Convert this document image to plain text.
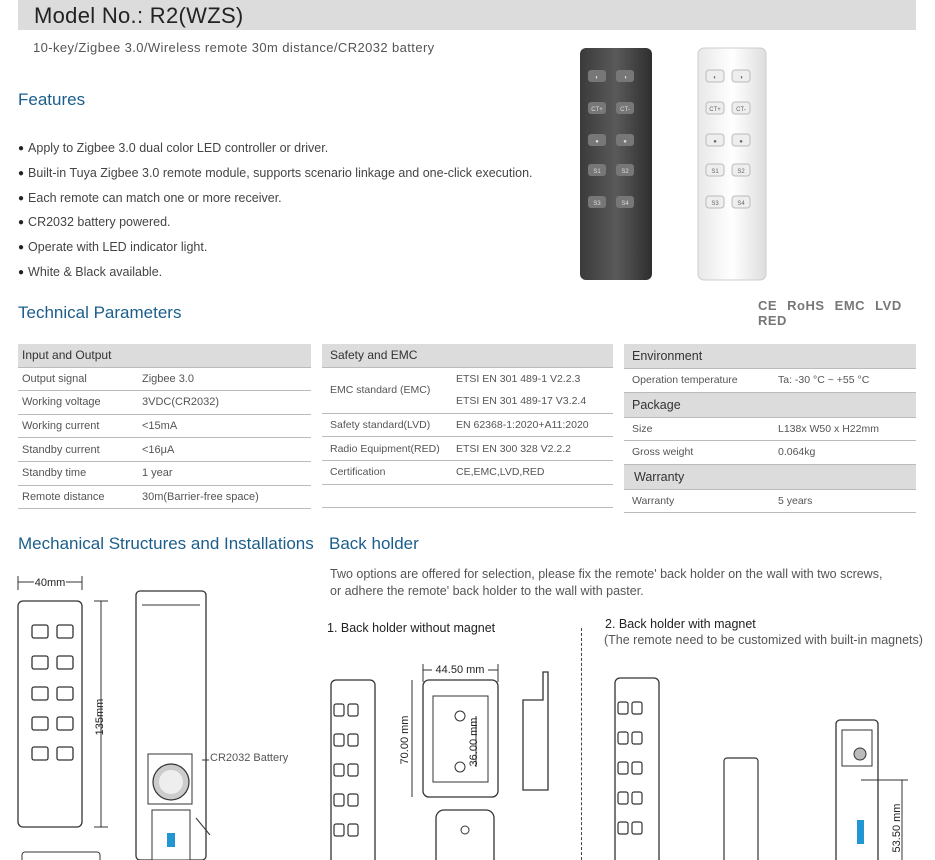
Model No.: R2(WZS)
10-key/Zigbee 3.0/Wireless remote 30m distance/CR2032 battery
Features
● Apply to Zigbee 3.0 dual color LED controller or driver.
● Built-in Tuya Zigbee 3.0 remote module, supports scenario linkage and one-click execution.
● Each remote can match one or more receiver.
● CR2032 battery powered.
● Operate with LED indicator light.
● White & Black available.
◐	◑
CT+	CT-
●	●
S1	S2
S3	S4
◐	◑
CT+	CT-
●	●
S1	S2
S3	S4
CE RoHS EMC LVD RED
Technical Parameters
Input and Output	
Output signal	Zigbee 3.0
Working voltage	3VDC(CR2032)
Working current	<15mA
Standby current	<16μA
Standby time	1 year
Remote distance	30m(Barrier-free space)
Safety and EMC	
EMC standard (EMC)	ETSI EN 301 489-1 V2.2.3
	ETSI EN 301 489-17 V3.2.4
Safety standard(LVD)	EN 62368-1:2020+A11:2020
Radio Equipment(RED)	ETSI EN 300 328 V2.2.2
Certification	CE,EMC,LVD,RED

Environment	
Operation temperature	Ta: -30 °C ~ +55 °C
Package	
Size	L138x W50 x H22mm
Gross weight	0.064kg
Warranty	
Warranty	5 years
Mechanical Structures and Installations
40mm
135mm
CR2032 Battery
Back holder
Two options are offered for selection, please fix the remote' back holder on the wall with two screws,
or adhere the remote' back holder to the wall with paster.
1. Back holder without magnet	2. Back holder with magnet
(The remote need to be customized with built-in magnets)
44.50 mm
70.00 mm	36.00 mm
53.50 mm
